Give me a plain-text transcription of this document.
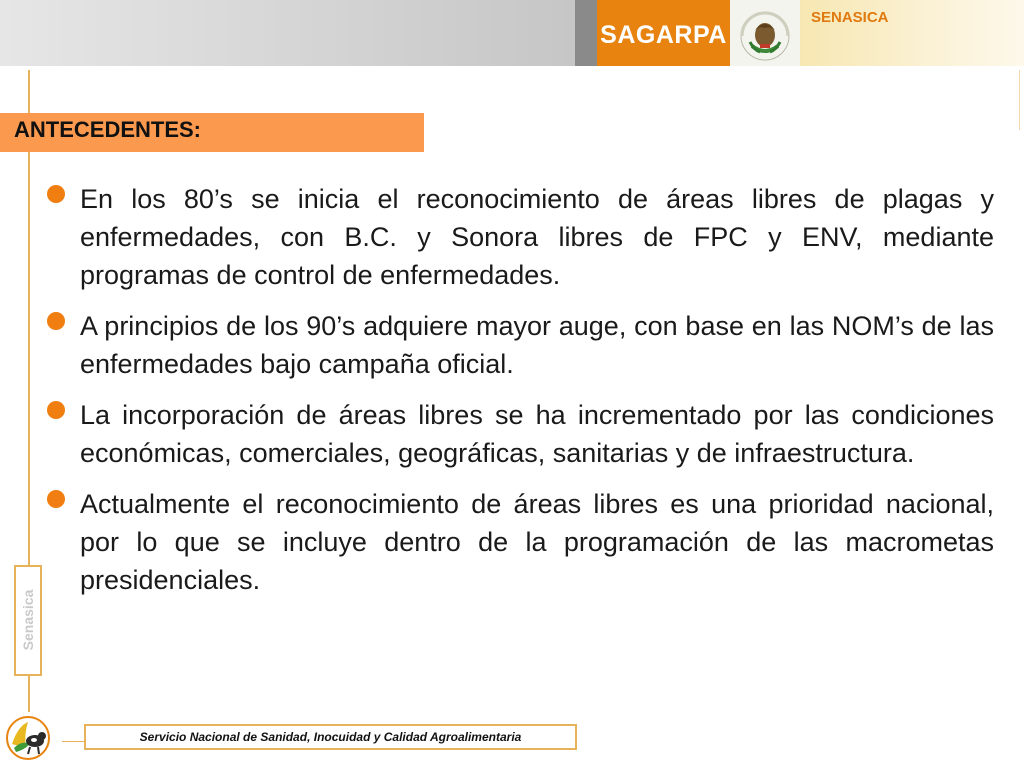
SAGARPA
SENASICA
ANTECEDENTES:
En los 80’s se inicia el reconocimiento de áreas libres de plagas y enfermedades, con B.C. y Sonora libres de FPC y ENV, mediante programas de control de enfermedades.
A principios de los 90’s adquiere mayor auge, con base en las NOM’s de las enfermedades bajo campaña oficial.
La incorporación de áreas libres se ha incrementado por las condiciones económicas, comerciales, geográficas, sanitarias y de infraestructura.
Actualmente el reconocimiento de áreas libres es una prioridad nacional, por lo que se incluye dentro de la programación de las macrometas presidenciales.
Senasica
Servicio Nacional de Sanidad, Inocuidad y Calidad Agroalimentaria
